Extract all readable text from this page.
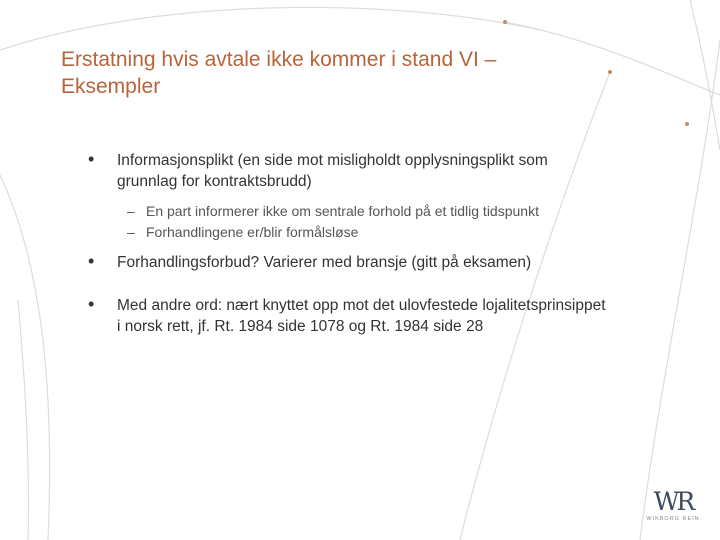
Erstatning hvis avtale ikke kommer i stand VI –
Eksempler
• Informasjonsplikt (en side mot misligholdt opplysningsplikt som
grunnlag for kontraktsbrudd)
– En part informerer ikke om sentrale forhold på et tidlig tidspunkt
– Forhandlingene er/blir formålsløse
• Forhandlingsforbud? Varierer med bransje (gitt på eksamen)
• Med andre ord: nært knyttet opp mot det ulovfestede lojalitetsprinsippet
i norsk rett, jf. Rt. 1984 side 1078 og Rt. 1984 side 28
WR
WIKBORG REIN
